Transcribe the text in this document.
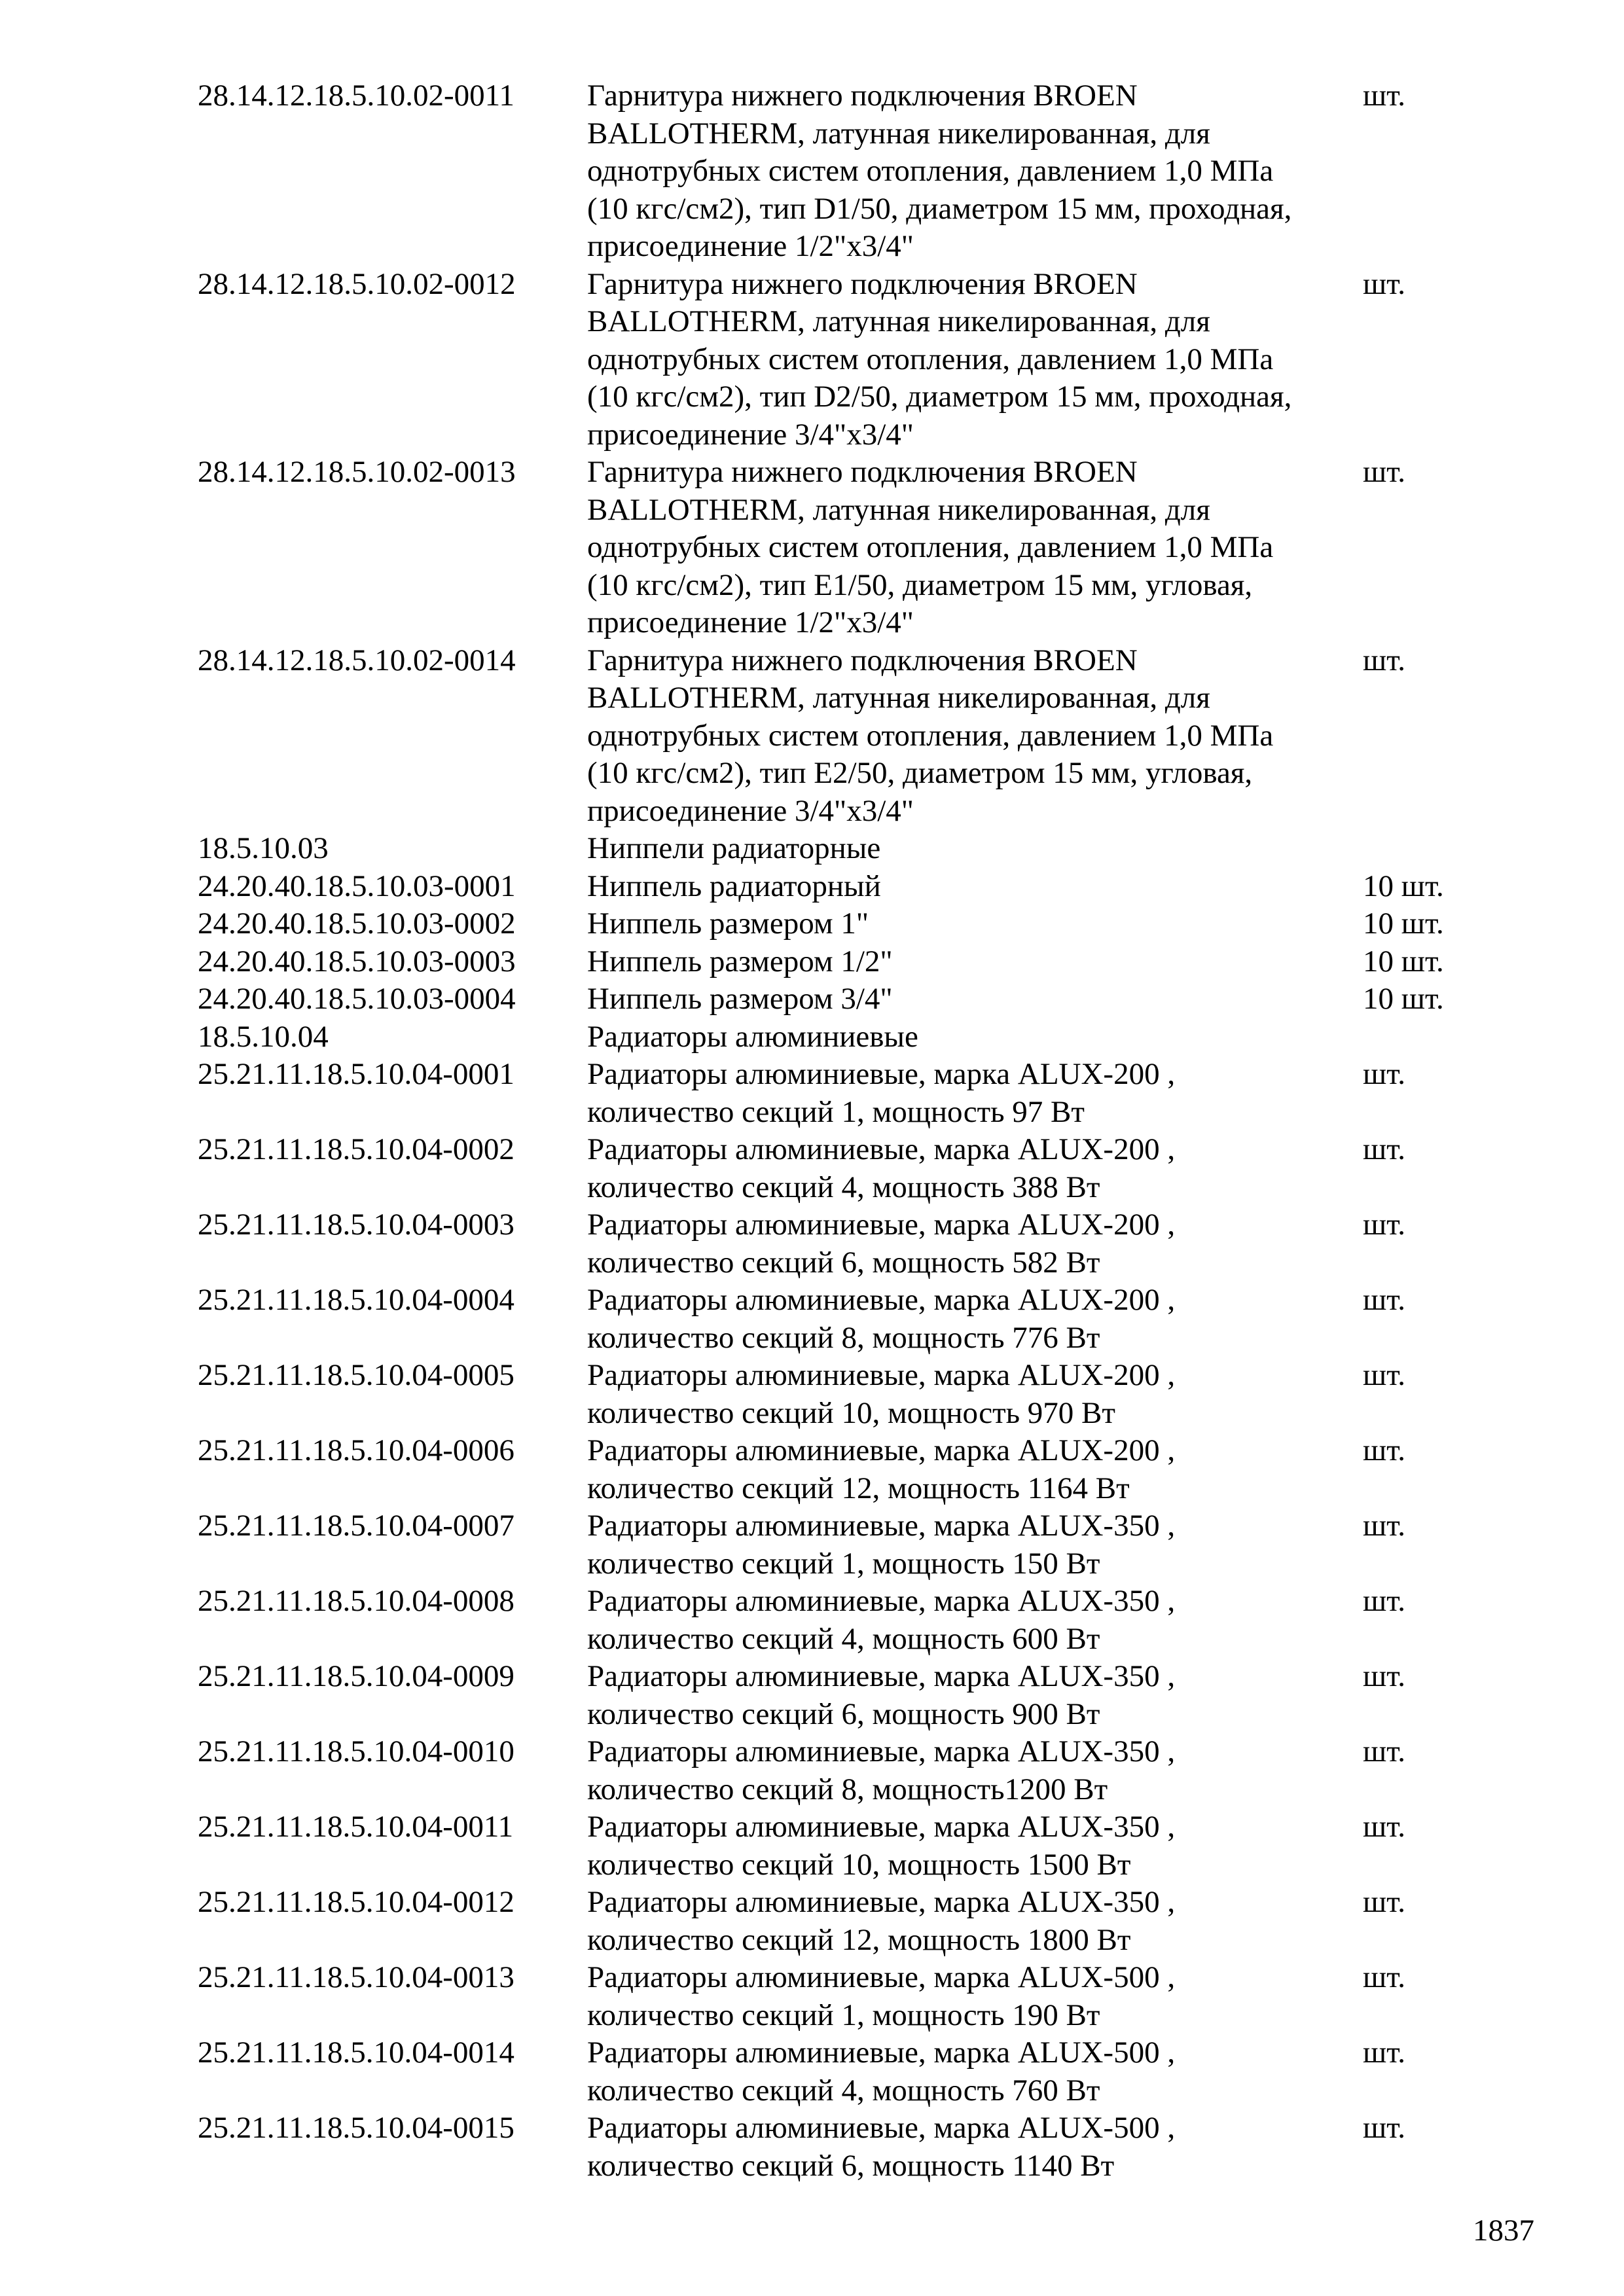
28.14.12.18.5.10.02-0011	Гарнитура нижнего подключения BROEN
BALLOTHERM, латунная никелированная, для
однотрубных систем отопления, давлением 1,0 МПа
(10 кгс/см2), тип D1/50, диаметром 15 мм, проходная,
присоединение 1/2"х3/4"
шт.
28.14.12.18.5.10.02-0012	Гарнитура нижнего подключения BROEN
BALLOTHERM, латунная никелированная, для
однотрубных систем отопления, давлением 1,0 МПа
(10 кгс/см2), тип D2/50, диаметром 15 мм, проходная,
присоединение 3/4"х3/4"
шт.
28.14.12.18.5.10.02-0013	Гарнитура нижнего подключения BROEN
BALLOTHERM, латунная никелированная, для
однотрубных систем отопления, давлением 1,0 МПа
(10 кгс/см2), тип E1/50, диаметром 15 мм, угловая,
присоединение 1/2"х3/4"
шт.
28.14.12.18.5.10.02-0014	Гарнитура нижнего подключения BROEN
BALLOTHERM, латунная никелированная, для
однотрубных систем отопления, давлением 1,0 МПа
(10 кгс/см2), тип E2/50, диаметром 15 мм, угловая,
присоединение 3/4"х3/4"
шт.
18.5.10.03	Ниппели радиаторные
24.20.40.18.5.10.03-0001	Ниппель радиаторный	10 шт.
24.20.40.18.5.10.03-0002	Ниппель размером 1"	10 шт.
24.20.40.18.5.10.03-0003	Ниппель размером 1/2"	10 шт.
24.20.40.18.5.10.03-0004	Ниппель размером 3/4"	10 шт.
18.5.10.04	Радиаторы алюминиевые
25.21.11.18.5.10.04-0001	Радиаторы алюминиевые, марка ALUX-200 ,
количество секций 1, мощность 97 Вт
шт.
25.21.11.18.5.10.04-0002	Радиаторы алюминиевые, марка ALUX-200 ,
количество секций 4, мощность 388 Вт
шт.
25.21.11.18.5.10.04-0003	Радиаторы алюминиевые, марка ALUX-200 ,
количество секций 6, мощность 582 Вт
шт.
25.21.11.18.5.10.04-0004	Радиаторы алюминиевые, марка ALUX-200 ,
количество секций 8, мощность 776 Вт
шт.
25.21.11.18.5.10.04-0005	Радиаторы алюминиевые, марка ALUX-200 ,
количество секций 10, мощность 970 Вт
шт.
25.21.11.18.5.10.04-0006	Радиаторы алюминиевые, марка ALUX-200 ,
количество секций 12, мощность 1164 Вт
шт.
25.21.11.18.5.10.04-0007	Радиаторы алюминиевые, марка ALUX-350 ,
количество секций 1, мощность 150 Вт
шт.
25.21.11.18.5.10.04-0008	Радиаторы алюминиевые, марка ALUX-350 ,
количество секций 4, мощность 600 Вт
шт.
25.21.11.18.5.10.04-0009	Радиаторы алюминиевые, марка ALUX-350 ,
количество секций 6, мощность 900 Вт
шт.
25.21.11.18.5.10.04-0010	Радиаторы алюминиевые, марка ALUX-350 ,
количество секций 8, мощность1200 Вт
шт.
25.21.11.18.5.10.04-0011	Радиаторы алюминиевые, марка ALUX-350 ,
количество секций 10, мощность 1500 Вт
шт.
25.21.11.18.5.10.04-0012	Радиаторы алюминиевые, марка ALUX-350 ,
количество секций 12, мощность 1800 Вт
шт.
25.21.11.18.5.10.04-0013	Радиаторы алюминиевые, марка ALUX-500 ,
количество секций 1, мощность 190 Вт
шт.
25.21.11.18.5.10.04-0014	Радиаторы алюминиевые, марка ALUX-500 ,
количество секций 4, мощность 760 Вт
шт.
25.21.11.18.5.10.04-0015	Радиаторы алюминиевые, марка ALUX-500 ,
количество секций 6, мощность 1140 Вт
шт.
1837
